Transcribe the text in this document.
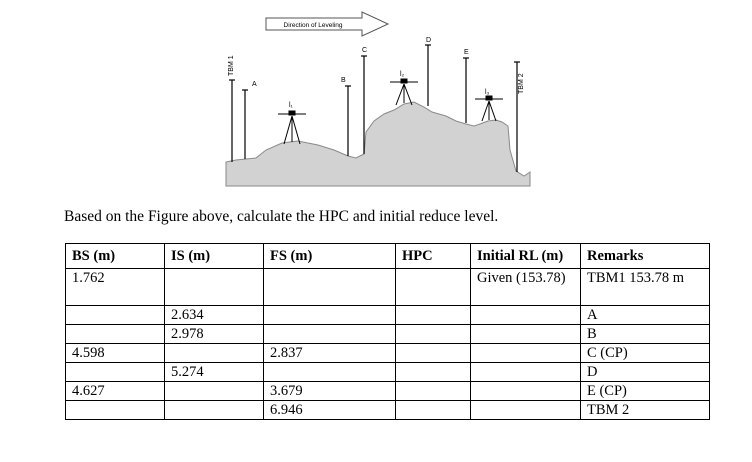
Direction of Leveling
TBM 1
A
B
C
D
E
TBM 2
l₁
l₂
l₃
Based on the Figure above, calculate the HPC and initial reduce level.
BS (m)	IS (m)	FS (m)	HPC	Initial RL (m)	Remarks
1.762				Given (153.78)	TBM1 153.78 m
	2.634				A
	2.978				B
4.598		2.837			C (CP)
	5.274				D
4.627		3.679			E (CP)
		6.946			TBM 2
